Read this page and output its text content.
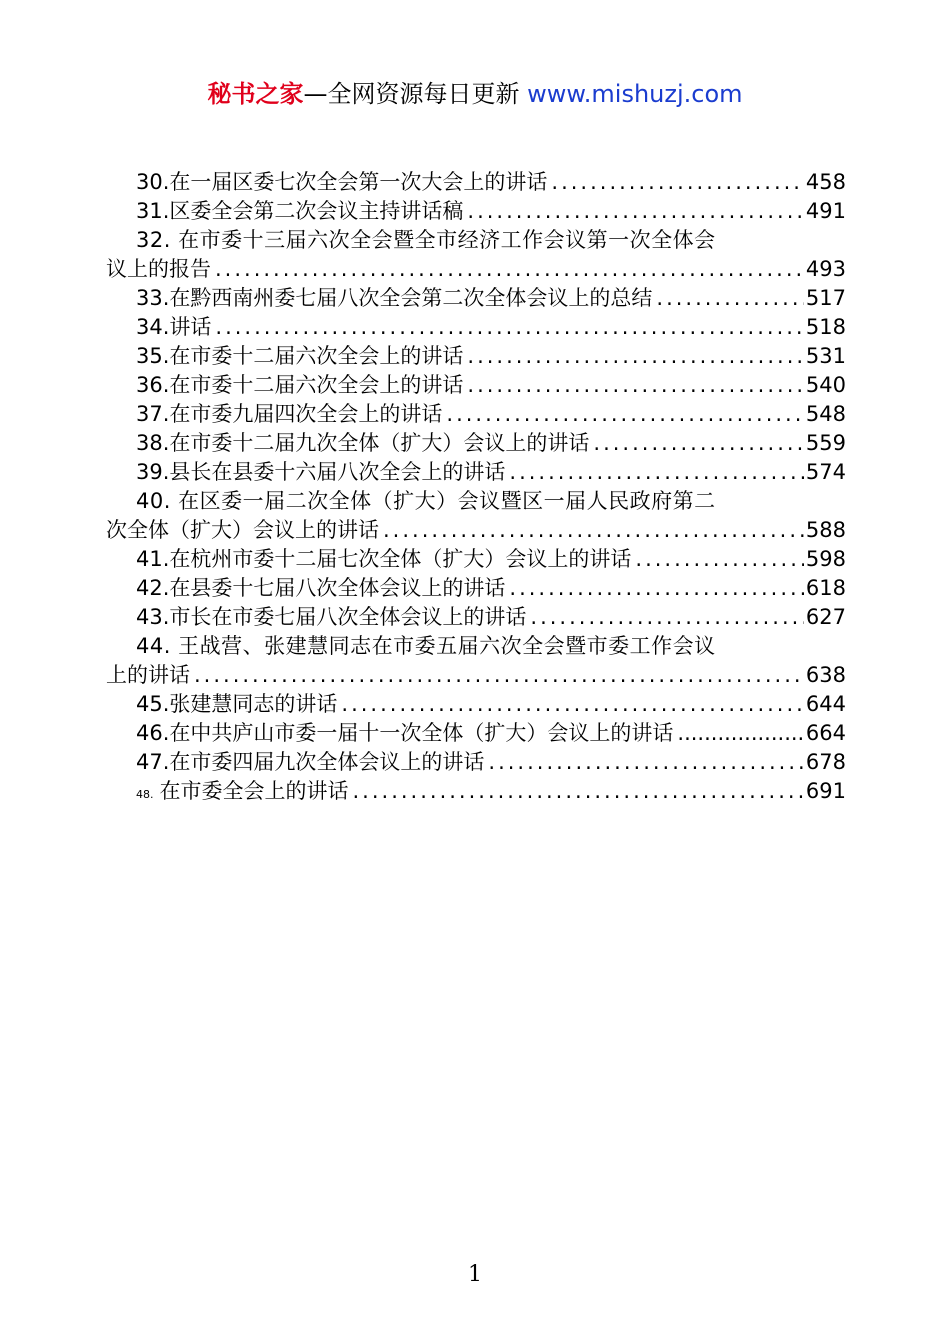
秘书之家—全网资源每日更新 www.mishuzj.com
30. 在一届区委七次全会第一次大会上的讲话 .....	458
31. 区委全会第二次会议主持讲话稿 .....	491
32. 在市委十三届六次全会暨全市经济工作会议第一次全体会
议上的报告 .....	493
33. 在黔西南州委七届八次全会第二次全体会议上的总结 .....	517
34. 讲话 .....	518
35. 在市委十二届六次全会上的讲话 .....	531
36. 在市委十二届六次全会上的讲话 .....	540
37. 在市委九届四次全会上的讲话 .....	548
38. 在市委十二届九次全体（扩大）会议上的讲话 .....	559
39. 县长在县委十六届八次全会上的讲话 .....	574
40. 在区委一届二次全体（扩大）会议暨区一届人民政府第二
次全体（扩大）会议上的讲话 .....	588
41. 在杭州市委十二届七次全体（扩大）会议上的讲话 .....	598
42. 在县委十七届八次全体会议上的讲话 .....	618
43. 市长在市委七届八次全体会议上的讲话 .....	627
44. 王战营、张建慧同志在市委五届六次全会暨市委工作会议
上的讲话 .....	638
45. 张建慧同志的讲话 .....	644
46. 在中共庐山市委一届十一次全体（扩大）会议上的讲话 .....	664
47. 在市委四届九次全体会议上的讲话 .....	678
48. 在市委全会上的讲话 .....	691
1
